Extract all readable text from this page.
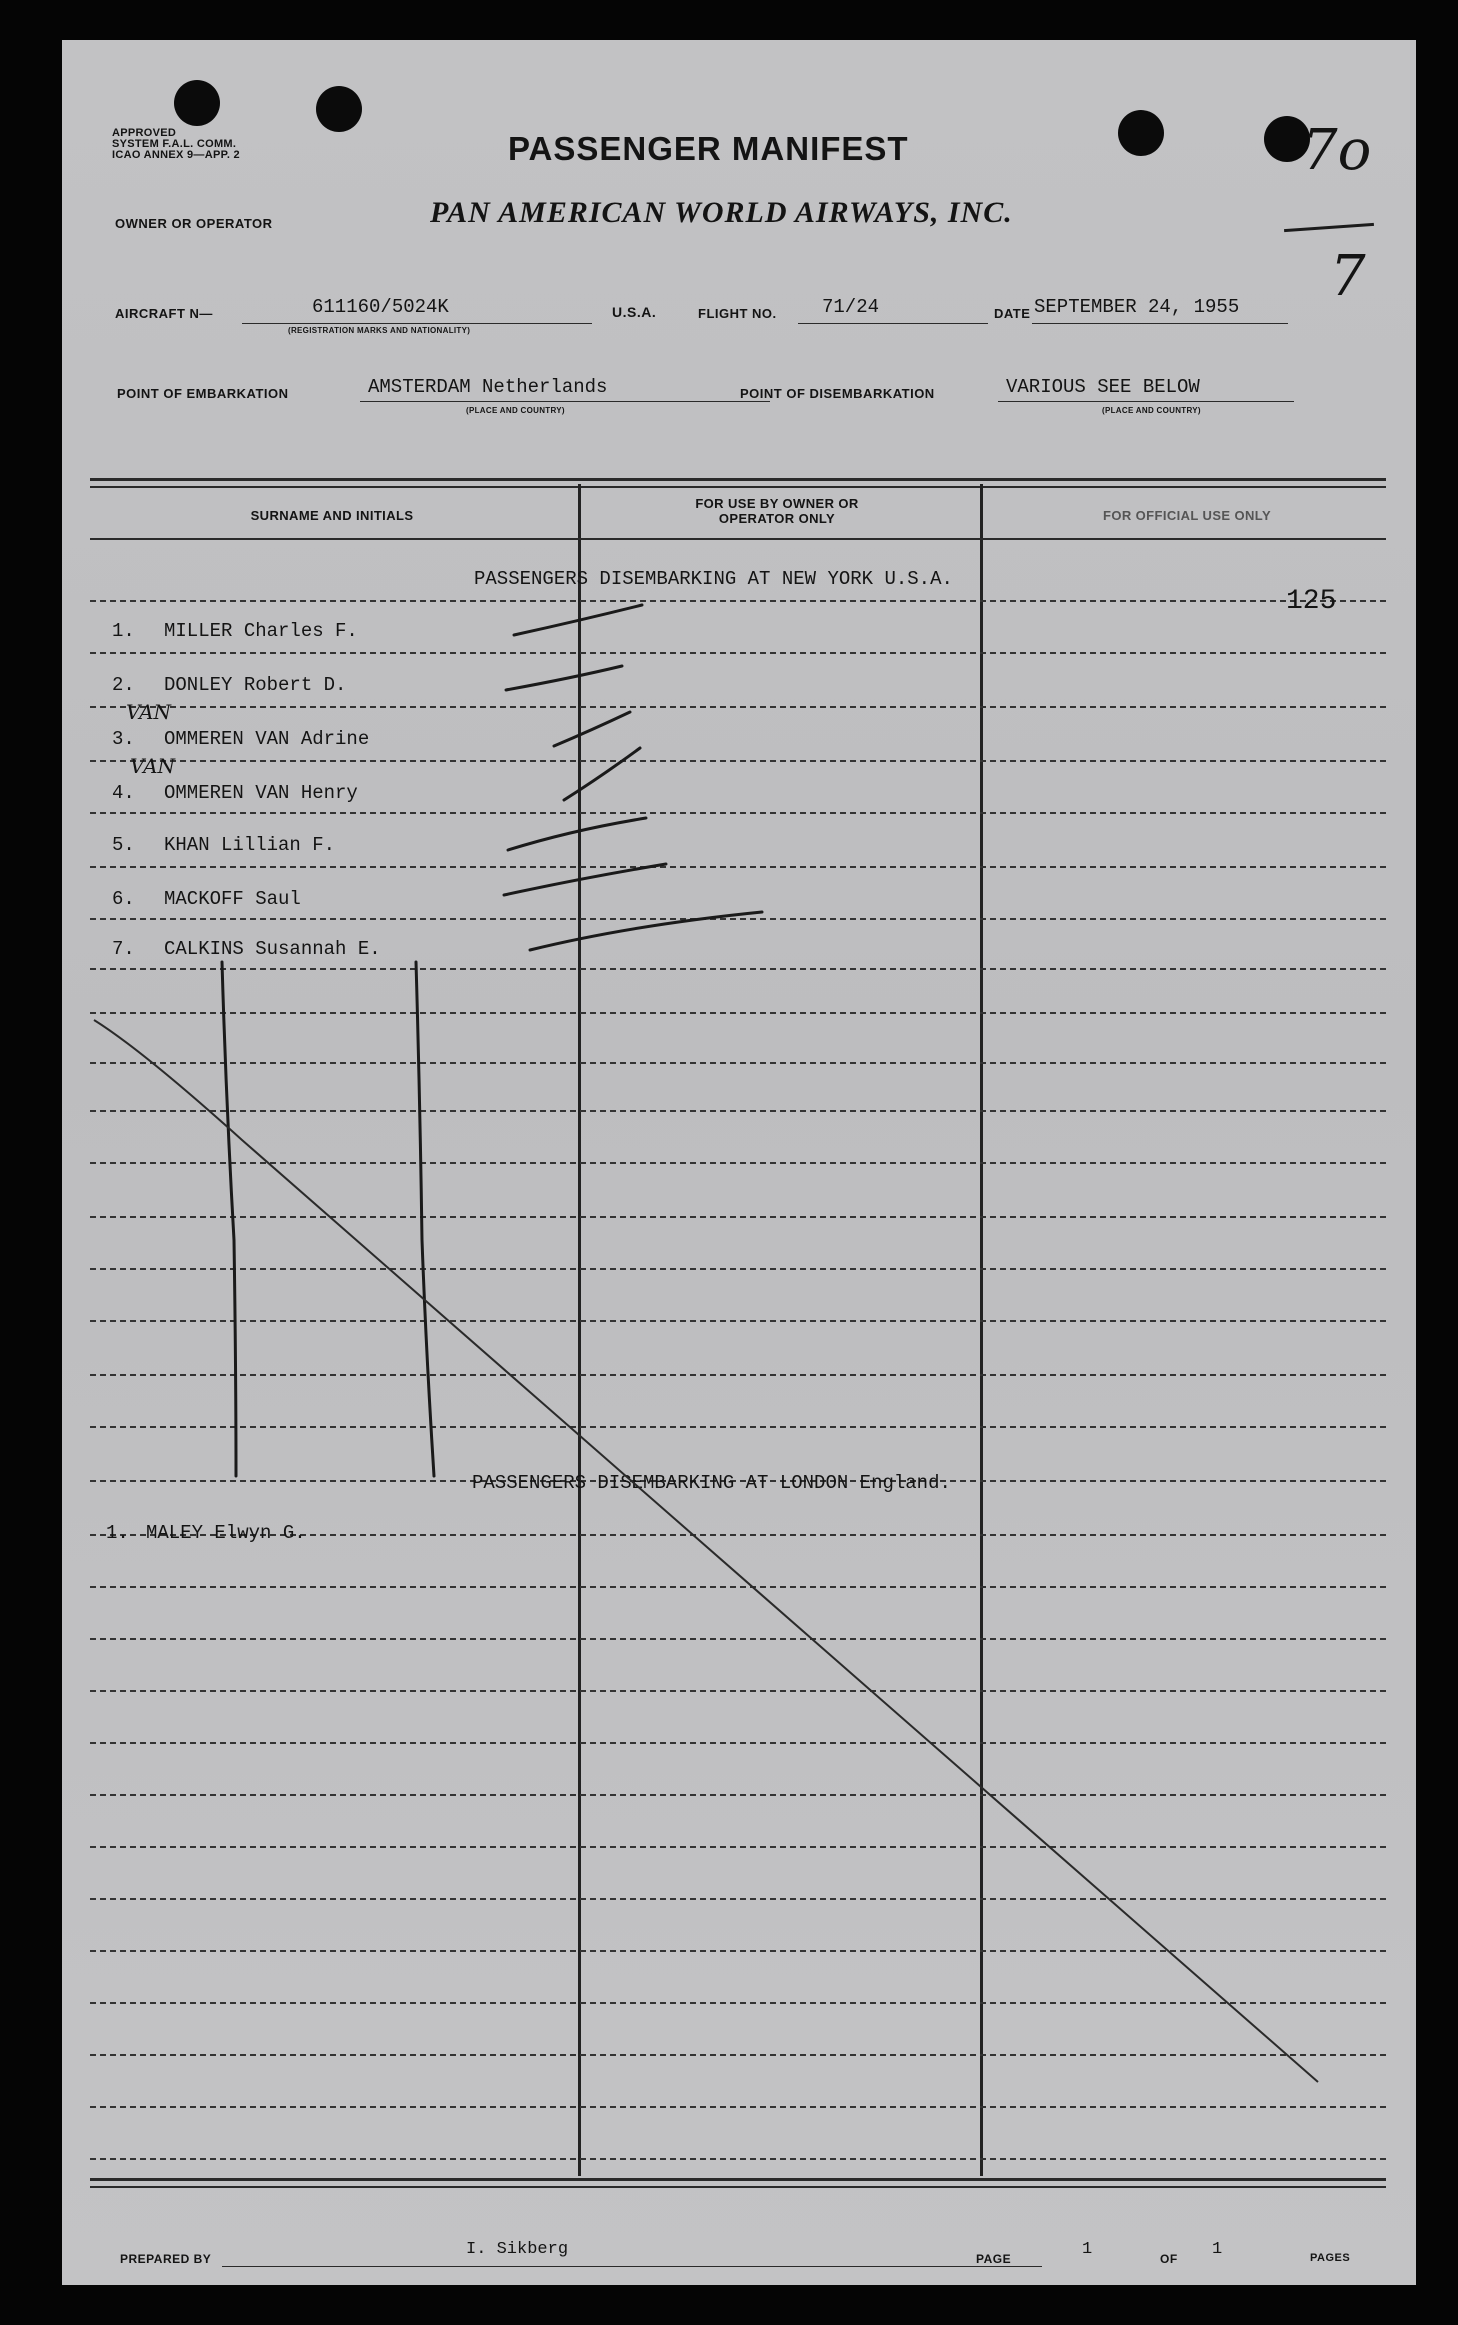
APPROVED
SYSTEM F.A.L. COMM.
ICAO ANNEX 9—APP. 2	PASSENGER MANIFEST
OWNER OR OPERATOR	PAN AMERICAN WORLD AIRWAYS, INC.
7o
7
AIRCRAFT N—	611160/5024K
(REGISTRATION MARKS AND NATIONALITY)
U.S.A.	FLIGHT NO. 71/24	DATE SEPTEMBER 24, 1955
POINT OF EMBARKATION	AMSTERDAM Netherlands
(PLACE AND COUNTRY)
POINT OF DISEMBARKATION	VARIOUS SEE BELOW
(PLACE AND COUNTRY)
SURNAME AND INITIALS
FOR USE BY OWNER OR OPERATOR ONLY	FOR OFFICIAL USE ONLY
PASSENGERS DISEMBARKING AT NEW YORK U.S.A.
125
1. MILLER Charles F.
2. DONLEY Robert D.
3. OMMEREN VAN Adrine
VAN
4. OMMEREN VAN Henry
VAN
5. KHAN Lillian F.
6. MACKOFF Saul
7. CALKINS Susannah E.
PASSENGERS DISEMBARKING AT LONDON England.
1. MALEY Elwyn G.
PREPARED BY	I. Sikberg	PAGE	1	OF 1	PAGES
